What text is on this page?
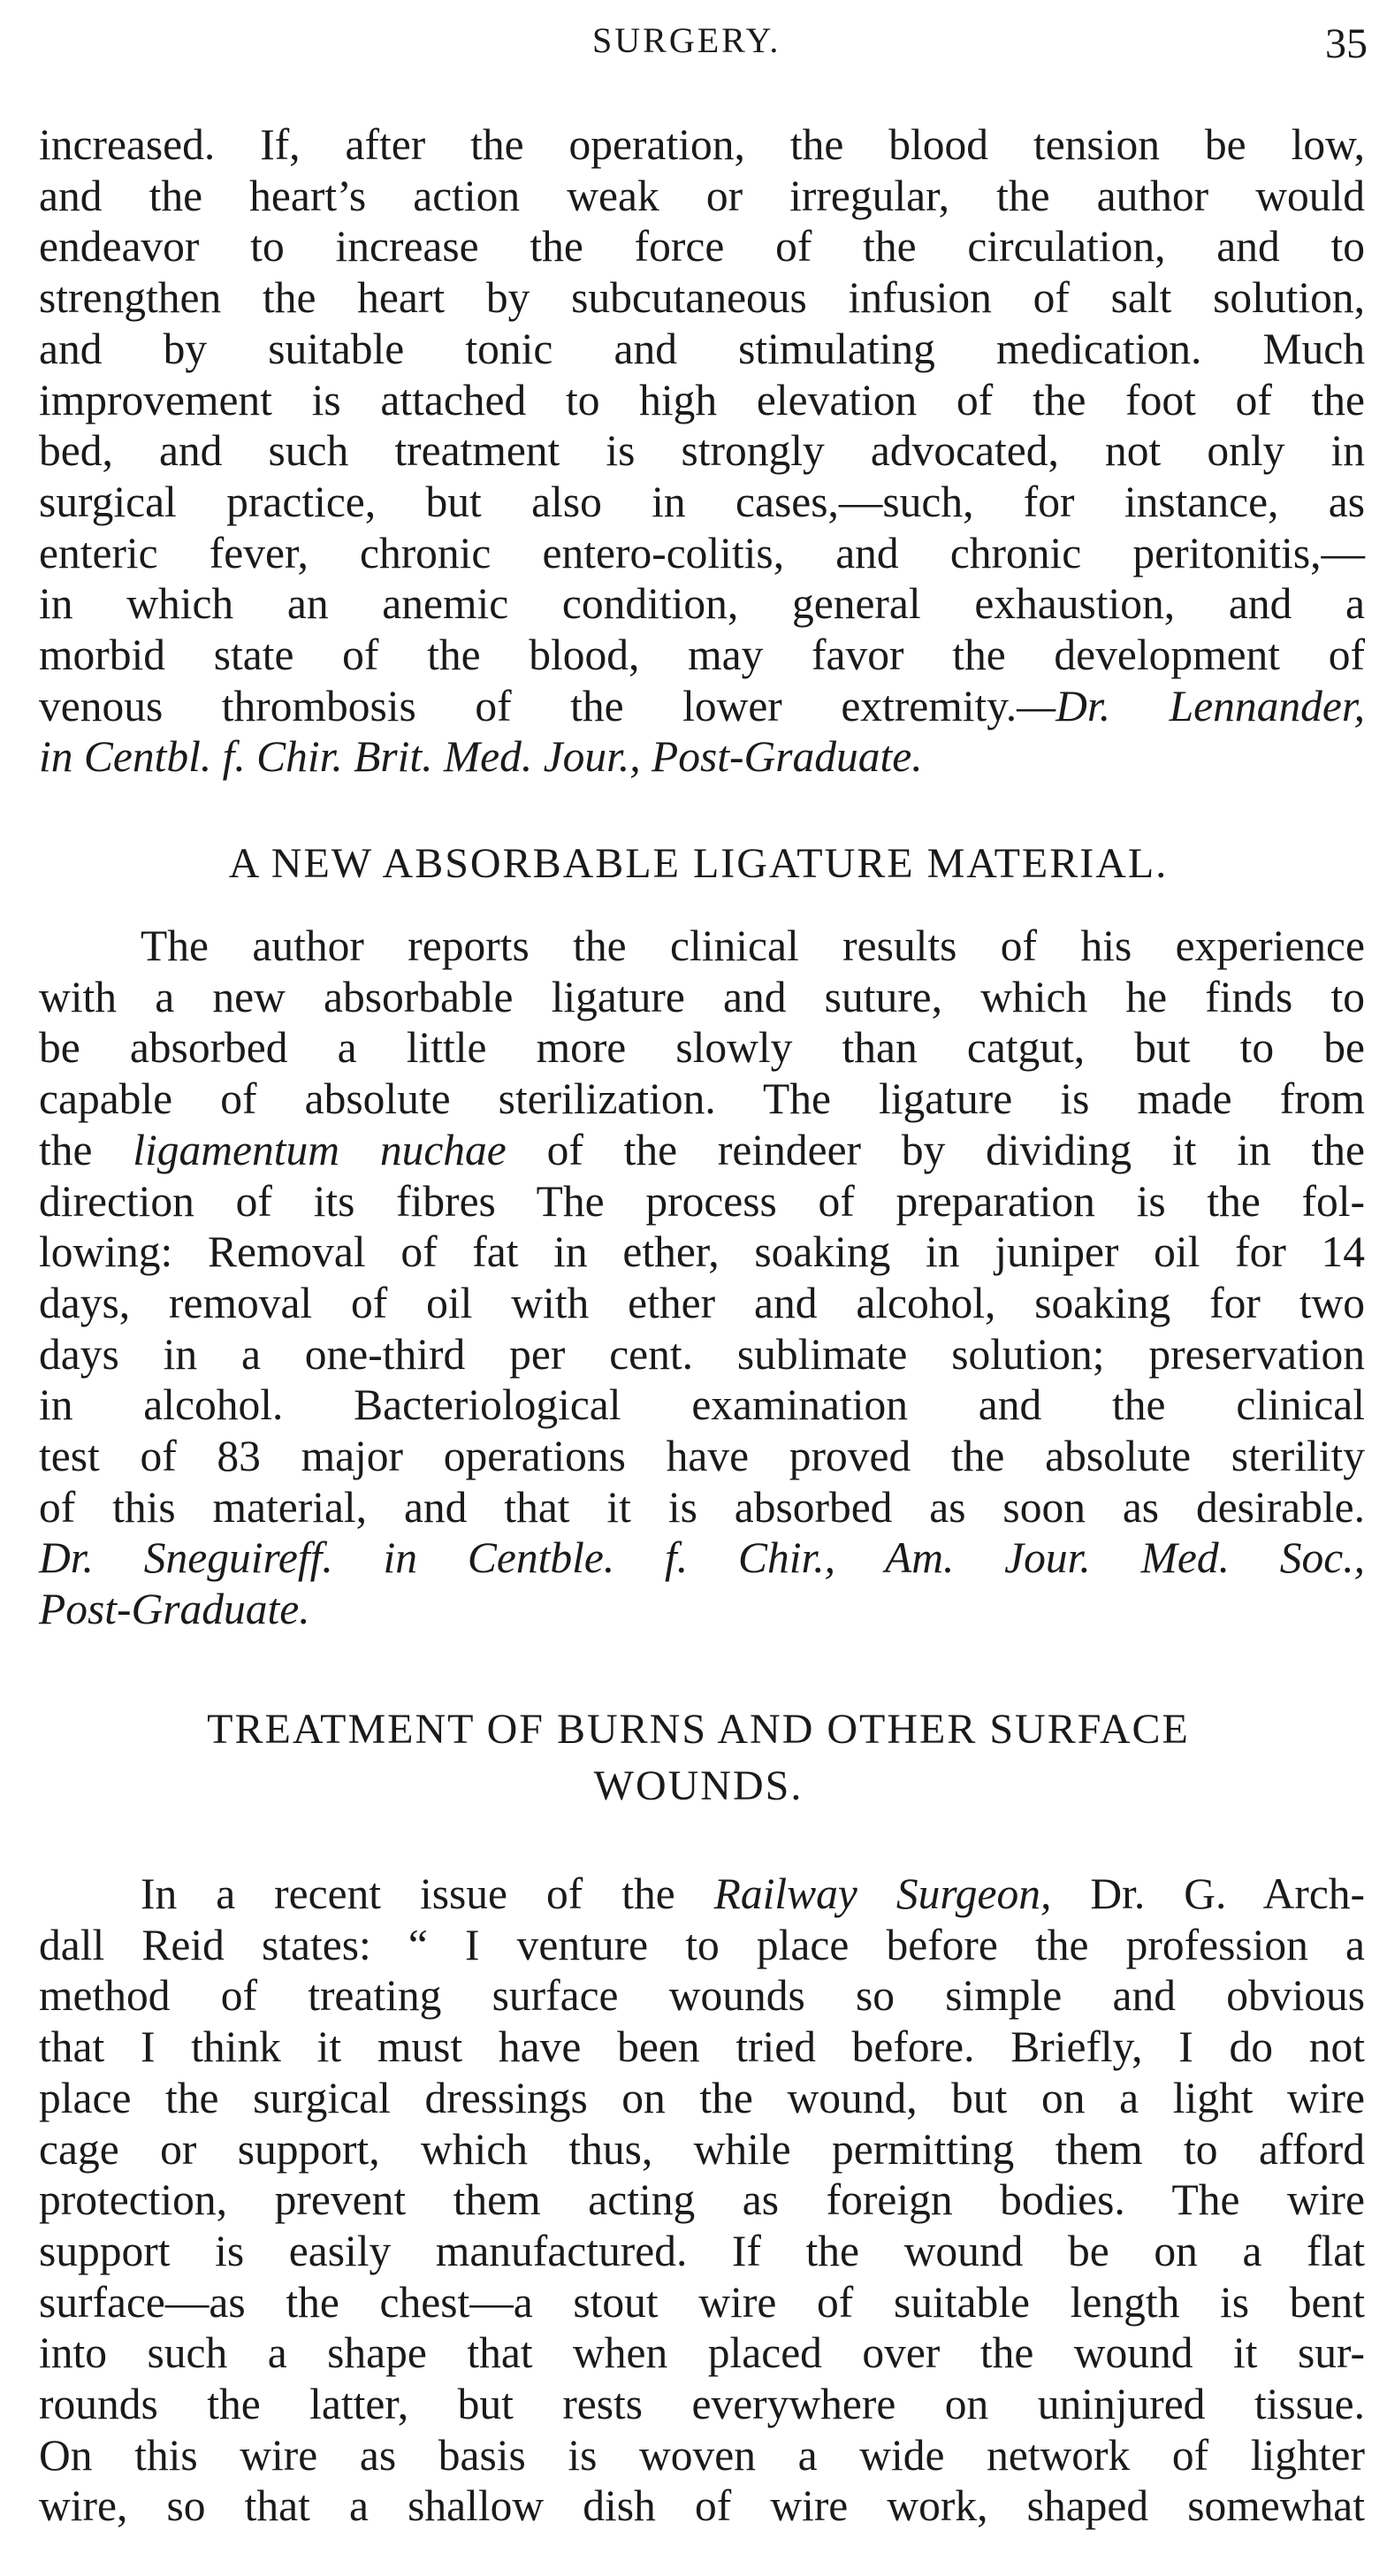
SURGERY.	35
increased. If, after the operation, the blood tension be low,
and the heart’s action weak or irregular, the author would
endeavor to increase the force of the circulation, and to
strengthen the heart by subcutaneous infusion of salt solution,
and by suitable tonic and stimulating medication. Much
improvement is attached to high elevation of the foot of the
bed, and such treatment is strongly advocated, not only in
surgical practice, but also in cases,—such, for instance, as
enteric fever, chronic entero-colitis, and chronic peritonitis,—
in which an anemic condition, general exhaustion, and a
morbid state of the blood, may favor the development of
venous thrombosis of the lower extremity.—Dr. Lennander,
in Centbl. f. Chir. Brit. Med. Jour., Post-Graduate.
A NEW ABSORBABLE LIGATURE MATERIAL.
The author reports the clinical results of his experience
with a new absorbable ligature and suture, which he finds to
be absorbed a little more slowly than catgut, but to be
capable of absolute sterilization. The ligature is made from
the ligamentum nuchae of the reindeer by dividing it in the
direction of its fibres The process of preparation is the fol-
lowing: Removal of fat in ether, soaking in juniper oil for 14
days, removal of oil with ether and alcohol, soaking for two
days in a one-third per cent. sublimate solution; preservation
in alcohol. Bacteriological examination and the clinical
test of 83 major operations have proved the absolute sterility
of this material, and that it is absorbed as soon as desirable.
Dr. Sneguireff. in Centble. f. Chir., Am. Jour. Med. Soc.,
Post-Graduate.
TREATMENT OF BURNS AND OTHER SURFACE
WOUNDS.
In a recent issue of the Railway Surgeon, Dr. G. Arch-
dall Reid states: “ I venture to place before the profession a
method of treating surface wounds so simple and obvious
that I think it must have been tried before. Briefly, I do not
place the surgical dressings on the wound, but on a light wire
cage or support, which thus, while permitting them to afford
protection, prevent them acting as foreign bodies. The wire
support is easily manufactured. If the wound be on a flat
surface—as the chest—a stout wire of suitable length is bent
into such a shape that when placed over the wound it sur-
rounds the latter, but rests everywhere on uninjured tissue.
On this wire as basis is woven a wide network of lighter
wire, so that a shallow dish of wire work, shaped somewhat
